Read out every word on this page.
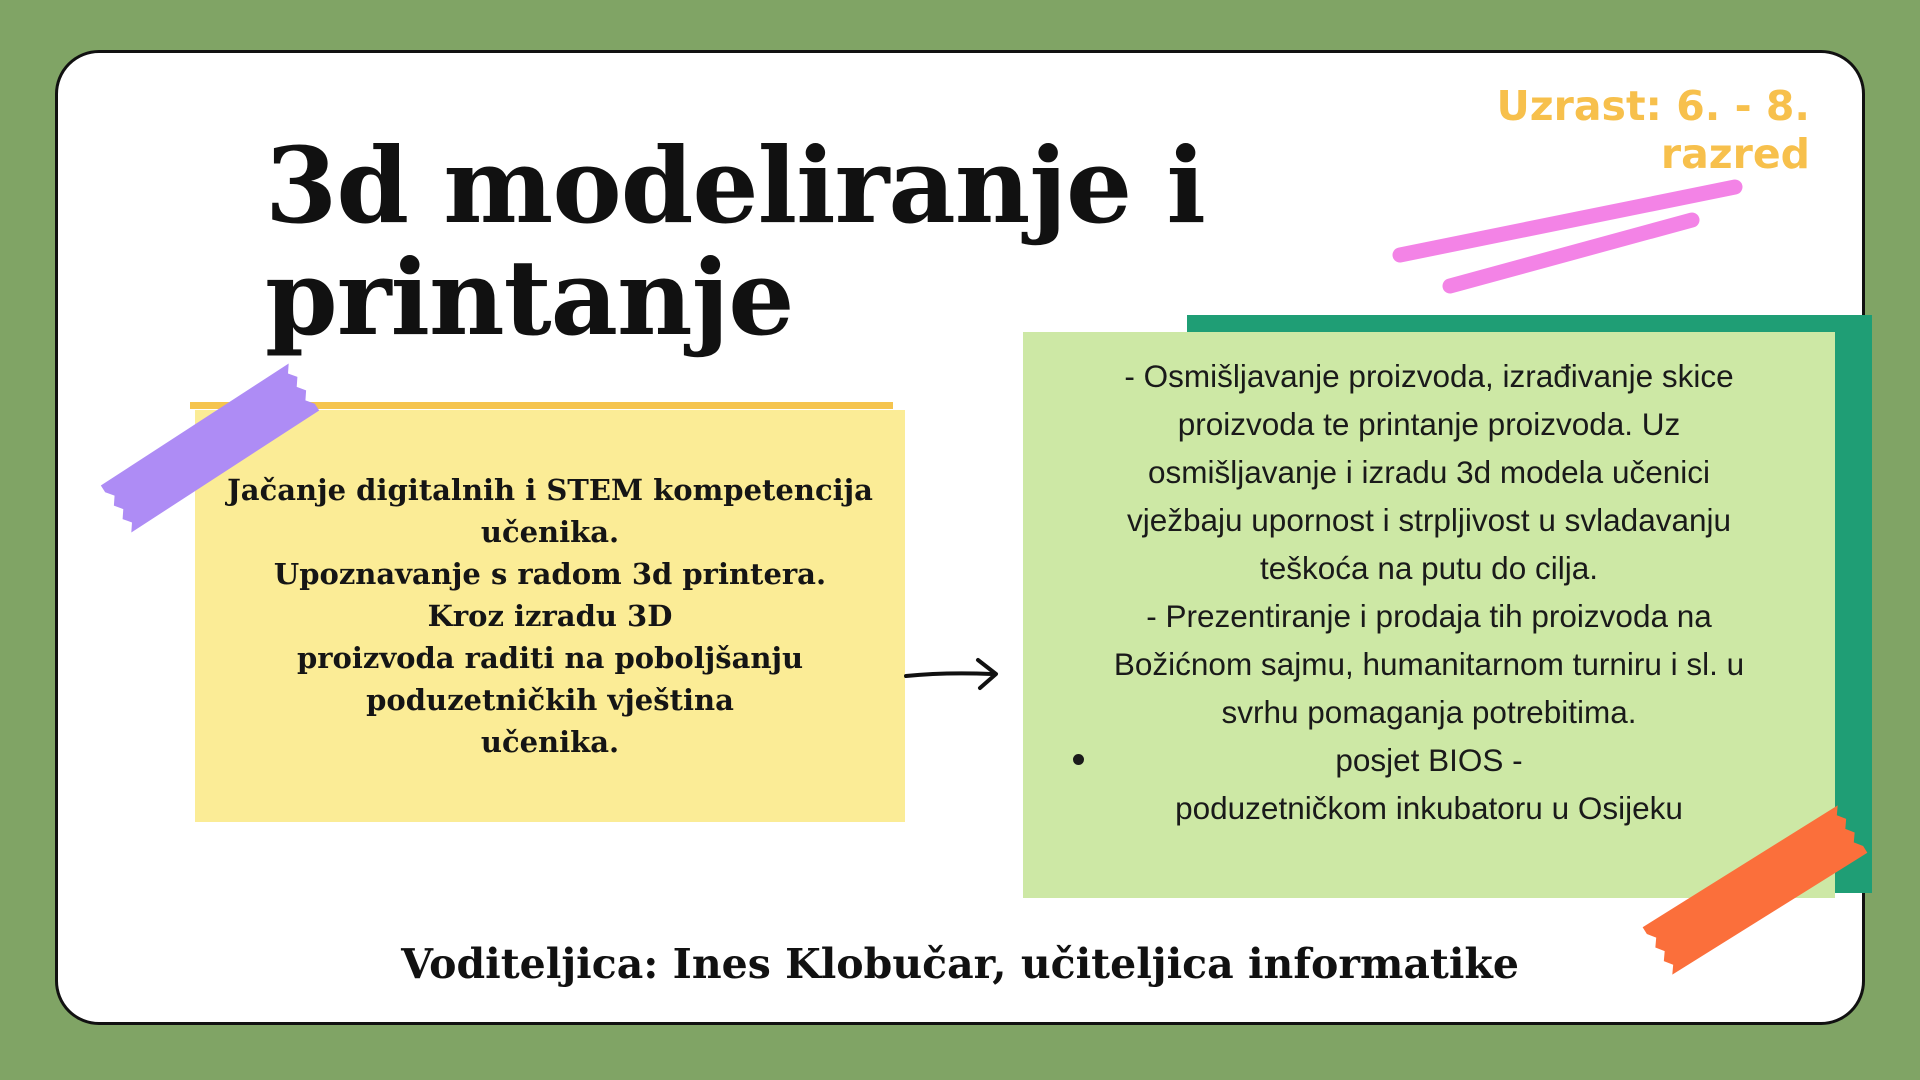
3d modeliranje i
printanje
Uzrast: 6. - 8. razred
Jačanje digitalnih i STEM kompetencija
učenika.
Upoznavanje s radom 3d printera.
Kroz izradu 3D
proizvoda raditi na poboljšanju
poduzetničkih vještina
učenika.

- Osmišljavanje proizvoda, izrađivanje skice
proizvoda te printanje proizvoda. Uz
osmišljavanje i izradu 3d modela učenici
vježbaju upornost i strpljivost u svladavanju
teškoća na putu do cilja.

- Prezentiranje i prodaja tih proizvoda na
Božićnom sajmu, humanitarnom turniru i sl. u
svrhu pomaganja potrebitima.

posjet BIOS -
poduzetničkom inkubatoru u Osijeku
Voditeljica: Ines Klobučar, učiteljica informatike
